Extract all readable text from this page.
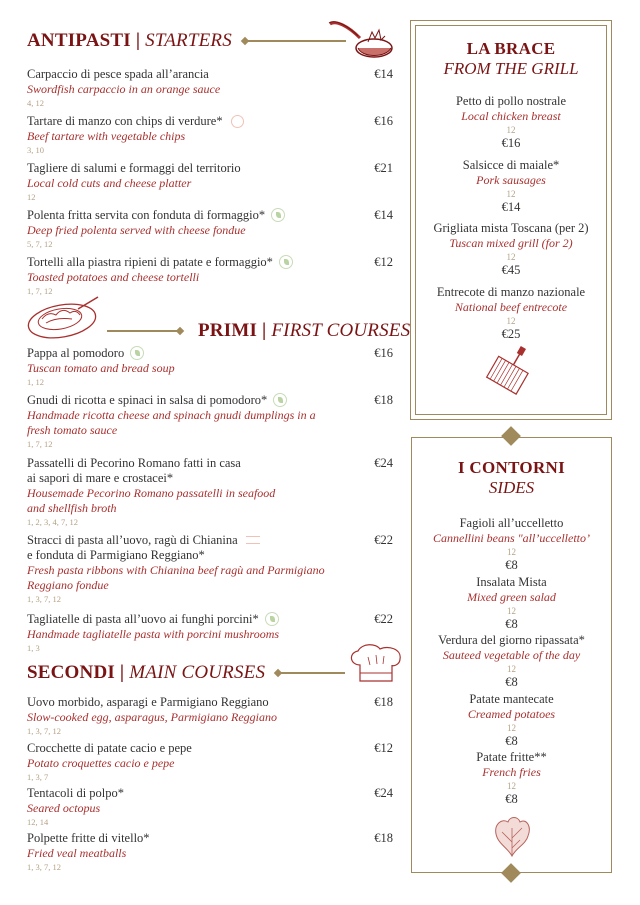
ANTIPASTI | STARTERS
Carpaccio di pesce spada all’arancia
Swordfish carpaccio in an orange sauce
4, 12
€14
Tartare di manzo con chips di verdure*
Beef tartare with vegetable chips
3, 10
€16
Tagliere di salumi e formaggi del territorio
Local cold cuts and cheese platter
12
€21
Polenta fritta servita con fonduta di formaggio*
Deep fried polenta served with cheese fondue
5, 7, 12
€14
Tortelli alla piastra ripieni di patate e formaggio*
Toasted potatoes and cheese tortelli
1, 7, 12
€12
PRIMI | FIRST COURSES
Pappa al pomodoro
Tuscan tomato and bread soup
1, 12
€16
Gnudi di ricotta e spinaci in salsa di pomodoro*
Handmade ricotta cheese and spinach gnudi dumplings in a
fresh tomato sauce
1, 7, 12
€18
Passatelli di Pecorino Romano fatti in casa
ai sapori di mare e crostacei*
Housemade Pecorino Romano passatelli in seafood
and shellfish broth
1, 2, 3, 4, 7, 12
€24
Stracci di pasta all’uovo, ragù di Chianina
e fonduta di Parmigiano Reggiano*
Fresh pasta ribbons with Chianina beef ragù and Parmigiano
Reggiano fondue
1, 3, 7, 12
€22
Tagliatelle di pasta all’uovo ai funghi porcini*
Handmade tagliatelle pasta with porcini mushrooms
1, 3
€22
SECONDI | MAIN COURSES
Uovo morbido, asparagi e Parmigiano Reggiano
Slow-cooked egg, asparagus, Parmigiano Reggiano
1, 3, 7, 12
€18
Crocchette di patate cacio e pepe
Potato croquettes cacio e pepe
1, 3, 7
€12
Tentacoli di polpo*
Seared octopus
12, 14
€24
Polpette fritte di vitello*
Fried veal meatballs
1, 3, 7, 12
€18
LA BRACE
FROM THE GRILL
Petto di pollo nostrale
Local chicken breast
12
€16
Salsicce di maiale*
Pork sausages
12
€14
Grigliata mista Toscana (per 2)
Tuscan mixed grill (for 2)
12
€45
Entrecote di manzo nazionale
National beef entrecote
12
€25
I CONTORNI
SIDES
Fagioli all’uccelletto
Cannellini beans "all’uccelletto’
12
€8
Insalata Mista
Mixed green salad
12
€8
Verdura del giorno ripassata*
Sauteed vegetable of the day
12
€8
Patate mantecate
Creamed potatoes
12
€8
Patate fritte**
French fries
12
€8
